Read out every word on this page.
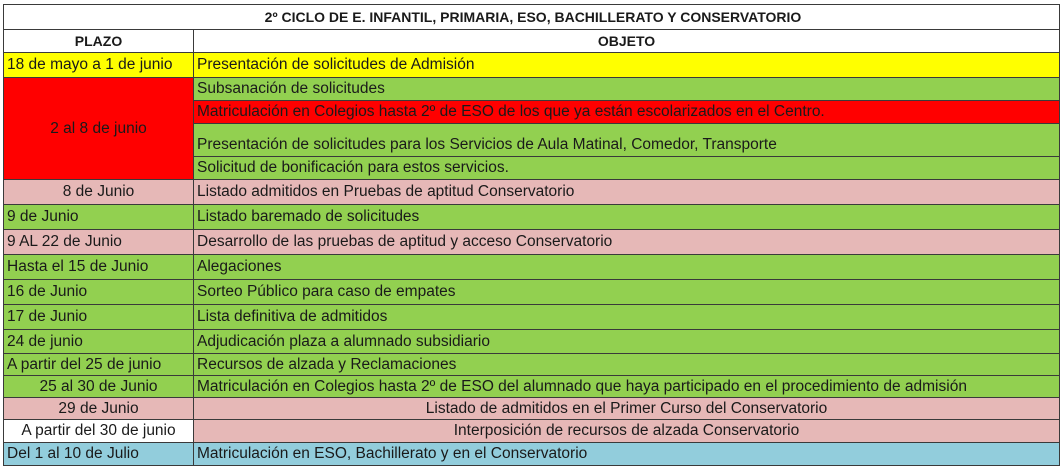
2º CICLO DE E. INFANTIL, PRIMARIA, ESO, BACHILLERATO Y CONSERVATORIO	
PLAZO	OBJETO
18 de mayo a 1 de junio	Presentación de solicitudes de Admisión
2 al 8 de junio	Subsanación de solicitudes
	Matriculación en Colegios hasta 2º de ESO de los que ya están escolarizados en el Centro.
	Presentación de solicitudes para los Servicios de Aula Matinal, Comedor, Transporte
	Solicitud de bonificación para estos servicios.
8 de Junio	Listado admitidos en Pruebas de aptitud Conservatorio
9 de Junio	Listado baremado de solicitudes
9 AL 22 de Junio	Desarrollo de las pruebas de aptitud y acceso Conservatorio
Hasta el 15 de Junio	Alegaciones
16 de Junio	Sorteo Público para caso de empates
17 de Junio	Lista definitiva de admitidos
24 de junio	Adjudicación plaza a alumnado subsidiario
A partir del 25 de junio	Recursos de alzada y Reclamaciones
25 al 30 de Junio	Matriculación en Colegios hasta 2º de ESO del alumnado que haya participado en el procedimiento de admisión
29 de Junio	Listado de admitidos en el Primer Curso del Conservatorio
A partir del 30 de junio	Interposición de recursos de alzada Conservatorio
Del 1 al 10 de Julio	Matriculación en ESO, Bachillerato y en el Conservatorio
